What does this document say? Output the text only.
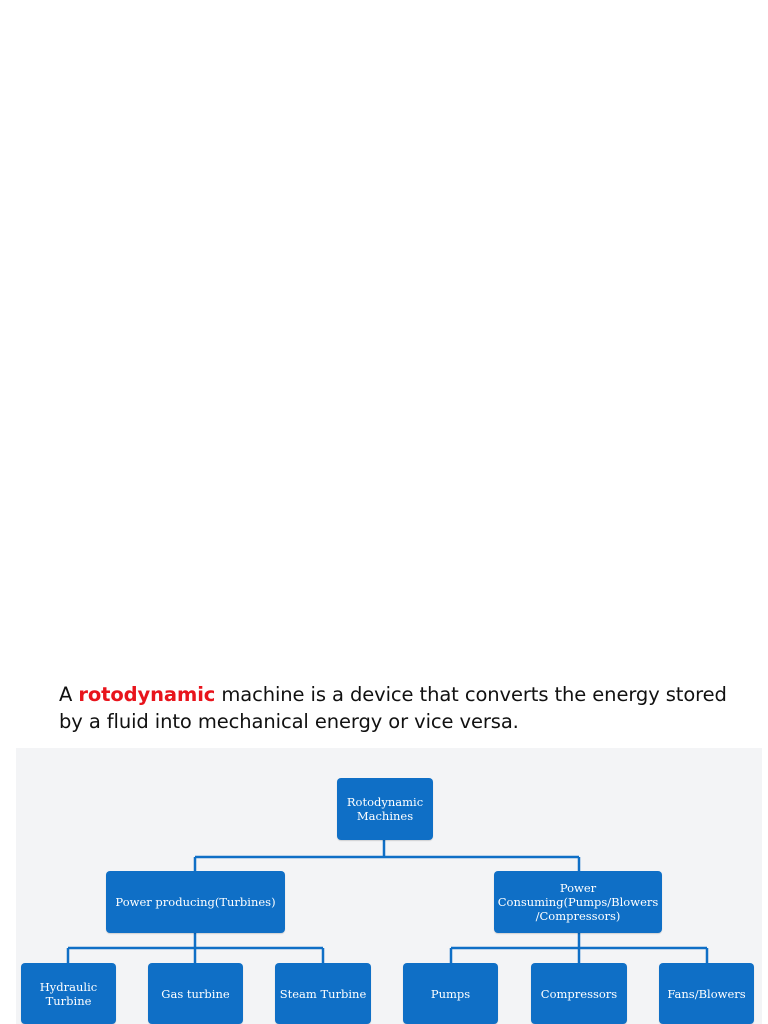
A rotodynamic machine is a device that converts the energy stored by a fluid into mechanical energy or vice versa.
Rotodynamic
Machines
Power producing(Turbines)
Power
Consuming(Pumps/Blowers
/Compressors)
Hydraulic
Turbine	Gas turbine	Steam Turbine	Pumps	Compressors	Fans/Blowers
